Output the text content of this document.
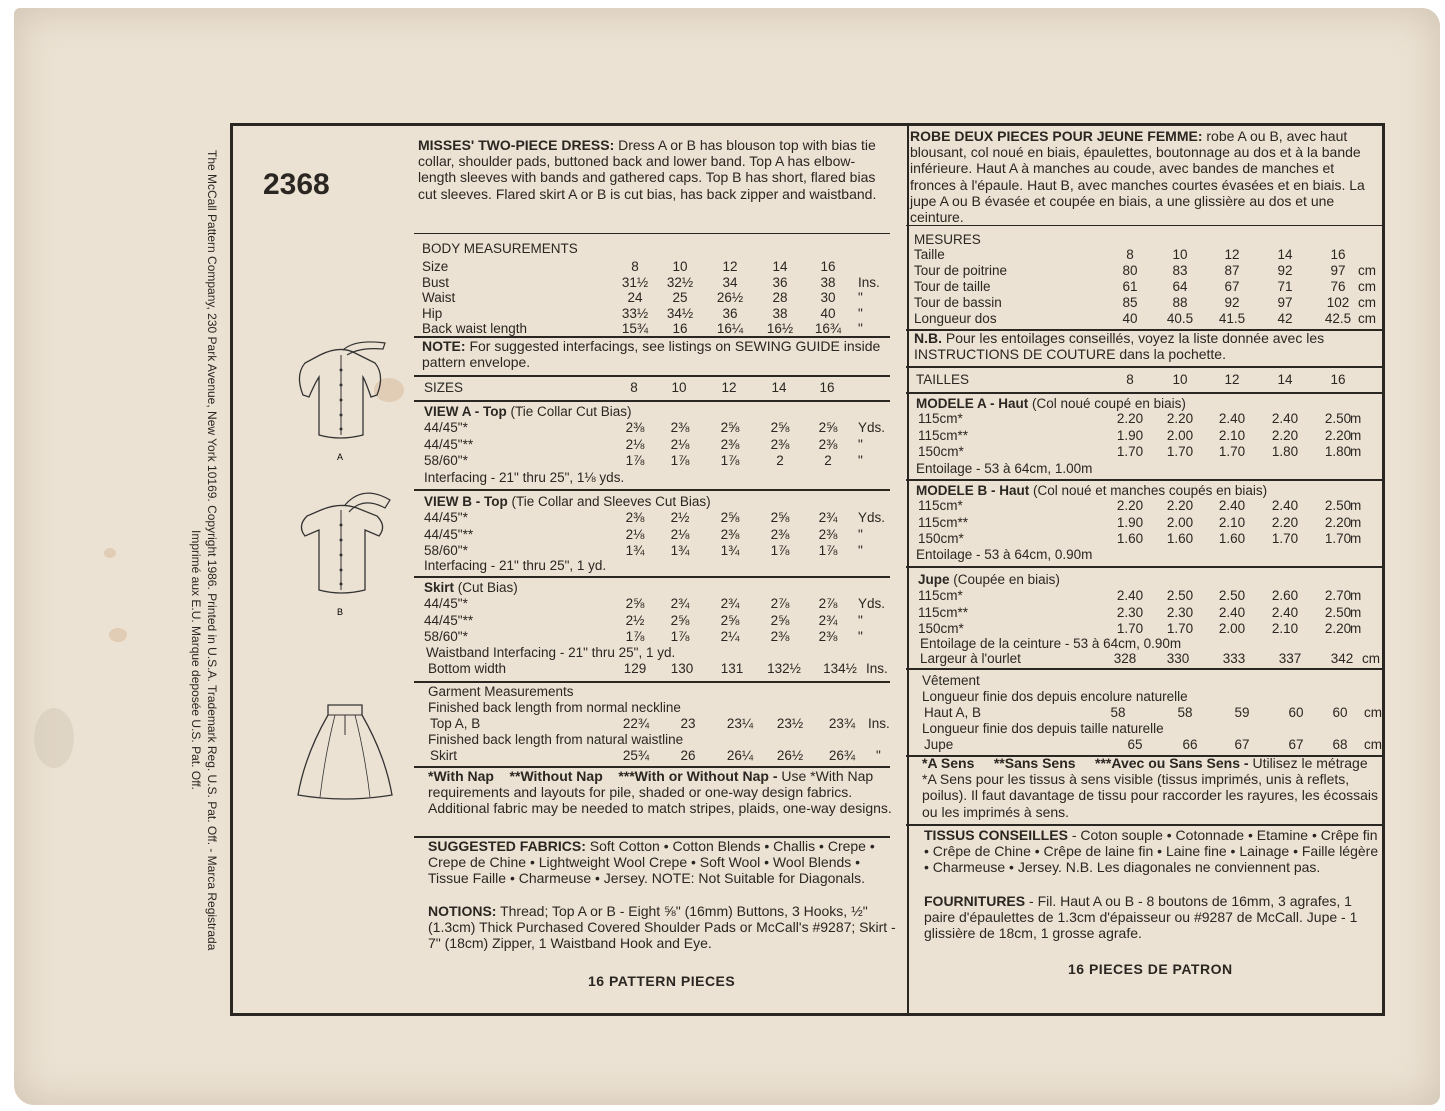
The McCall Pattern Company, 230 Park Avenue, New York 10169. Copyright 1986. Printed in U.S.A. Trademark Reg. U.S. Pat. Off. - Marca Registrada
Imprimé aux E.U. Marque deposée U.S. Pat. Off.
A
B
2368
MISSES' TWO-PIECE DRESS: Dress A or B has blouson top with bias tie collar, shoulder pads, buttoned back and lower band. Top A has elbow-length sleeves with bands and gathered caps. Top B has short, flared bias cut sleeves. Flared skirt A or B is cut bias, has back zipper and waistband.
BODY MEASUREMENTS
Size	8	10	12	14	16
Bust	31½	32½	34	36	38	Ins.
Waist	24	25	26½	28	30	"
Hip	33½	34½	36	38	40	"
Back waist length	15¾	16	16¼	16½	16¾	"
NOTE: For suggested interfacings, see listings on SEWING GUIDE inside pattern envelope.
SIZES	8	10	12	14	16
VIEW A - Top (Tie Collar Cut Bias)
44/45"*	2⅜	2⅜	2⅝	2⅝	2⅝	Yds.
44/45"**	2⅛	2⅛	2⅜	2⅜	2⅜	"
58/60"*	1⅞	1⅞	1⅞	2	2	"
Interfacing - 21" thru 25", 1⅛ yds.
VIEW B - Top (Tie Collar and Sleeves Cut Bias)
44/45"*	2⅜	2½	2⅝	2⅝	2¾	Yds.
44/45"**	2⅛	2⅛	2⅜	2⅜	2⅜	"
58/60"*	1¾	1¾	1¾	1⅞	1⅞	"
Interfacing - 21" thru 25", 1 yd.
Skirt (Cut Bias)
44/45"*	2⅝	2¾	2¾	2⅞	2⅞	Yds.
44/45"**	2½	2⅝	2⅝	2⅝	2¾	"
58/60"*	1⅞	1⅞	2¼	2⅜	2⅜	"
Waistband Interfacing - 21" thru 25", 1 yd.
Bottom width	129	130	131	132½ 134½ Ins.
Garment Measurements
Finished back length from normal neckline
Top A, B	22¾	23	23¼	23½	23¾ Ins.
Finished back length from natural waistline
Skirt	25¾	26	26¼	26½	26¾	"
*With Nap **Without Nap ***With or Without Nap - Use *With Nap requirements and layouts for pile, shaded or one-way design fabrics. Additional fabric may be needed to match stripes, plaids, one-way designs.
SUGGESTED FABRICS: Soft Cotton • Cotton Blends • Challis • Crepe • Crepe de Chine • Lightweight Wool Crepe • Soft Wool • Wool Blends • Tissue Faille • Charmeuse • Jersey. NOTE: Not Suitable for Diagonals.
NOTIONS: Thread; Top A or B - Eight ⅝" (16mm) Buttons, 3 Hooks, ½" (1.3cm) Thick Purchased Covered Shoulder Pads or McCall's #9287; Skirt - 7" (18cm) Zipper, 1 Waistband Hook and Eye.
16 PATTERN PIECES
ROBE DEUX PIECES POUR JEUNE FEMME: robe A ou B, avec haut blousant, col noué en biais, épaulettes, boutonnage au dos et à la bande inférieure. Haut A à manches au coude, avec bandes de manches et fronces à l'épaule. Haut B, avec manches courtes évasées et en biais. La jupe A ou B évasée et coupée en biais, a une glissière au dos et une ceinture.
MESURES
Taille	8	10	12	14	16
Tour de poitrine	80	83	87	92	97 cm
Tour de taille	61	64	67	71	76 cm
Tour de bassin	85	88	92	97	102 cm
Longueur dos	40	40.5	41.5	42	42.5 cm
N.B. Pour les entoilages conseillés, voyez la liste donnée avec les INSTRUCTIONS DE COUTURE dans la pochette.
TAILLES	8	10	12	14	16
MODELE A - Haut (Col noué coupé en biais)
115cm*	2.20	2.20	2.40	2.40	2.50
m
115cm**	1.90	2.00	2.10	2.20	2.20
m
150cm*	1.70	1.70	1.70	1.80	1.80
m
Entoilage - 53 à 64cm, 1.00m
MODELE B - Haut (Col noué et manches coupés en biais)
115cm*	2.20	2.20	2.40	2.40	2.50
m
115cm**	1.90	2.00	2.10	2.20	2.20
m
150cm*	1.60	1.60	1.60	1.70	1.70
m
Entoilage - 53 à 64cm, 0.90m
Jupe (Coupée en biais)
115cm*	2.40	2.50	2.50	2.60	2.70
m
115cm**	2.30	2.30	2.40	2.40	2.50
m
150cm*	1.70	1.70	2.00	2.10	2.20
m
Entoilage de la ceinture - 53 à 64cm, 0.90m
Largeur à l'ourlet	328	330	333	337	342 cm
Vêtement
Longueur finie dos depuis encolure naturelle
Haut A, B	58	58	59	60	60	cm
Longueur finie dos depuis taille naturelle
Jupe	65	66	67	67	68	cm
*A Sens **Sans Sens ***Avec ou Sans Sens - Utilisez le métrage *A Sens pour les tissus à sens visible (tissus imprimés, unis à reflets, poilus). Il faut davantage de tissu pour raccorder les rayures, les écossais ou les imprimés à sens.
TISSUS CONSEILLES - Coton souple • Cotonnade • Etamine • Crêpe fin • Crêpe de Chine • Crêpe de laine fin • Laine fine • Lainage • Faille légère • Charmeuse • Jersey. N.B. Les diagonales ne conviennent pas.
FOURNITURES - Fil. Haut A ou B - 8 boutons de 16mm, 3 agrafes, 1 paire d'épaulettes de 1.3cm d'épaisseur ou #9287 de McCall. Jupe - 1 glissière de 18cm, 1 grosse agrafe.
16 PIECES DE PATRON
